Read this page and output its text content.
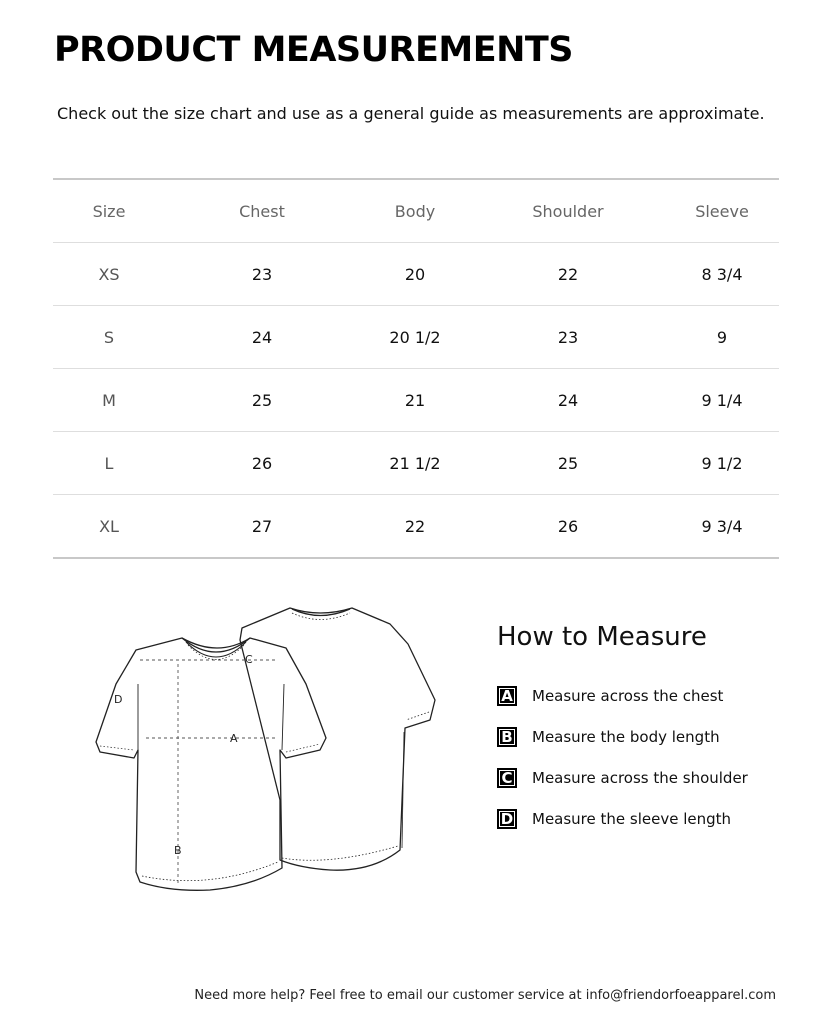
PRODUCT MEASUREMENTS
Check out the size chart and use as a general guide as measurements are approximate.
Size	Chest	Body	Shoulder	Sleeve
XS	23	20	22	8 3/4
S	24	20 1/2	23	9
M	25	21	24	9 1/4
L	26	21 1/2	25	9 1/2
XL	27	22	26	9 3/4
A
B
C
D
How to Measure
A Measure across the chest
B Measure the body length
C	Measure across the shoulder
D Measure the sleeve length
Need more help? Feel free to email our customer service at info@friendorfoeapparel.com
